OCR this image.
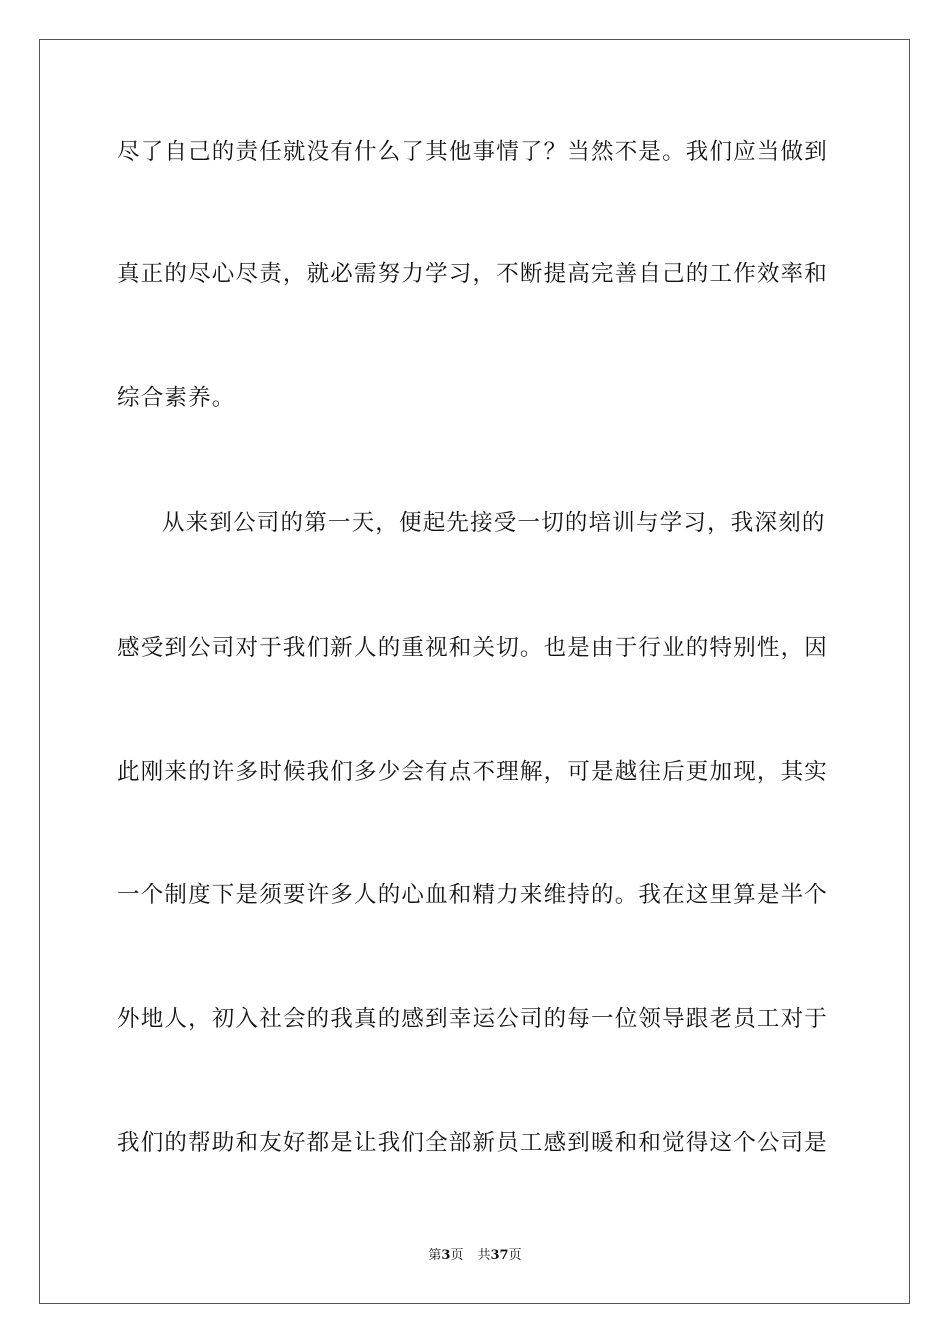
尽了自己的责任就没有什么了其他事情了？当然不是。我们应当做到
真正的尽心尽责，就必需努力学习，不断提高完善自己的工作效率和
综合素养。
从来到公司的第一天，便起先接受一切的培训与学习，我深刻的
感受到公司对于我们新人的重视和关切。也是由于行业的特别性，因
此刚来的许多时候我们多少会有点不理解，可是越往后更加现，其实
一个制度下是须要许多人的心血和精力来维持的。我在这里算是半个
外地人，初入社会的我真的感到幸运公司的每一位领导跟老员工对于
我们的帮助和友好都是让我们全部新员工感到暖和和觉得这个公司是
第3页 共37页
